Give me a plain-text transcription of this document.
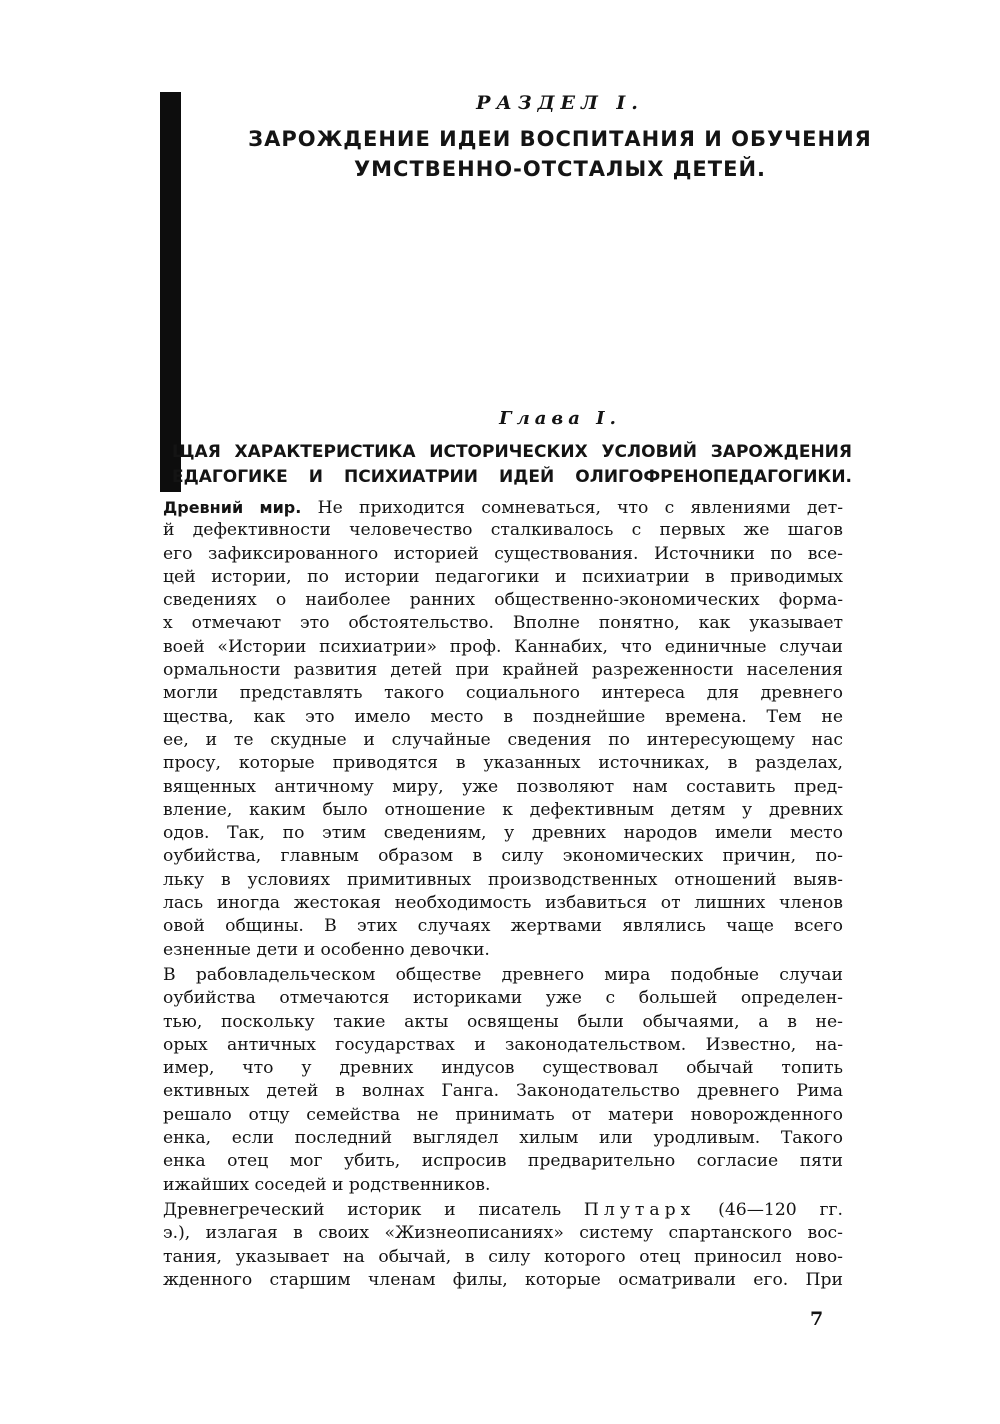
РАЗДЕЛ I.
ЗАРОЖДЕНИЕ ИДЕИ ВОСПИТАНИЯ И ОБУЧЕНИЯ
УМСТВЕННО-ОТСТАЛЫХ ДЕТЕЙ.
Глава I.
ЩАЯ ХАРАКТЕРИСТИКА ИСТОРИЧЕСКИХ УСЛОВИЙ ЗАРОЖДЕНИЯ
ЕДАГОГИКЕ И ПСИХИАТРИИ ИДЕЙ ОЛИГОФРЕНОПЕДАГОГИКИ.
Древний мир. Не приходится сомневаться, что с явлениями дет-
й дефективности человечество сталкивалось с первых же шагов
его зафиксированного историей существования. Источники по все-
цей истории, по истории педагогики и психиатрии в приводимых
сведениях о наиболее ранних общественно-экономических форма-
х отмечают это обстоятельство. Вполне понятно, как указывает
воей «Истории психиатрии» проф. Каннабих, что единичные случаи
ормальности развития детей при крайней разреженности населения
могли представлять такого социального интереса для древнего
щества, как это имело место в позднейшие времена. Тем не
ее, и те скудные и случайные сведения по интересующему нас
просу, которые приводятся в указанных источниках, в разделах,
вященных античному миру, уже позволяют нам составить пред-
вление, каким было отношение к дефективным детям у древних
одов. Так, по этим сведениям, у древних народов имели место
оубийства, главным образом в силу экономических причин, по-
льку в условиях примитивных производственных отношений выяв-
лась иногда жестокая необходимость избавиться от лишних членов
овой общины. В этих случаях жертвами являлись чаще всего
езненные дети и особенно девочки.
В рабовладельческом обществе древнего мира подобные случаи
оубийства отмечаются историками уже с большей определен-
тью, поскольку такие акты освящены были обычаями, а в не-
орых античных государствах и законодательством. Известно, на-
имер, что у древних индусов существовал обычай топить
ективных детей в волнах Ганга. Законодательство древнего Рима
решало отцу семейства не принимать от матери новорожденного
енка, если последний выглядел хилым или уродливым. Такого
енка отец мог убить, испросив предварительно согласие пяти
ижайших соседей и родственников.
Древнегреческий историк и писатель Плутарх (46—120 гг.
э.), излагая в своих «Жизнеописаниях» систему спартанского вос-
тания, указывает на обычай, в силу которого отец приносил ново-
жденного старшим членам филы, которые осматривали его. При
7
